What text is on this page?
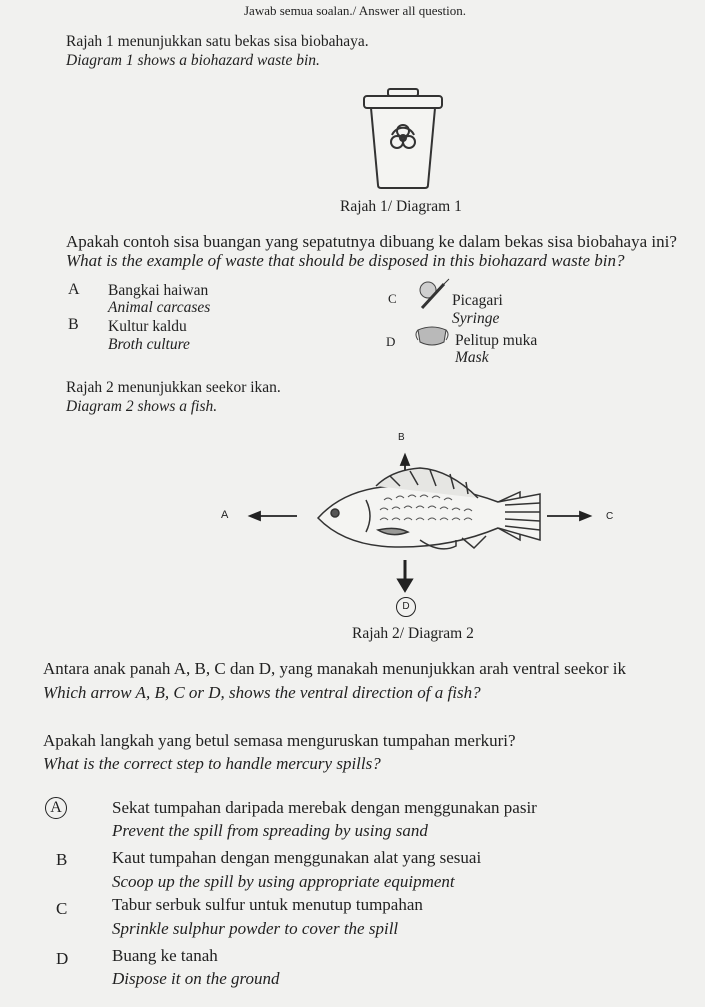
Jawab semua soalan./ Answer all question.
Rajah 1 menunjukkan satu bekas sisa biobahaya.
Diagram 1 shows a biohazard waste bin.
Rajah 1/ Diagram 1
Apakah contoh sisa buangan yang sepatutnya dibuang ke dalam bekas sisa biobahaya ini?
What is the example of waste that should be disposed in this biohazard waste bin?
A Bangkai haiwan
Animal carcases
B Kultur kaldu
Broth culture
C	Picagari
Syringe
D	Pelitup muka
Mask
Rajah 2 menunjukkan seekor ikan.
Diagram 2 shows a fish.
B
A	C
D
Rajah 2/ Diagram 2
Antara anak panah A, B, C dan D, yang manakah menunjukkan arah ventral seekor ik
Which arrow A, B, C or D, shows the ventral direction of a fish?
Apakah langkah yang betul semasa menguruskan tumpahan merkuri?
What is the correct step to handle mercury spills?
A	Sekat tumpahan daripada merebak dengan menggunakan pasir
Prevent the spill from spreading by using sand
B	Kaut tumpahan dengan menggunakan alat yang sesuai
Scoop up the spill by using appropriate equipment
C	Tabur serbuk sulfur untuk menutup tumpahan
Sprinkle sulphur powder to cover the spill
D	Buang ke tanah
Dispose it on the ground
